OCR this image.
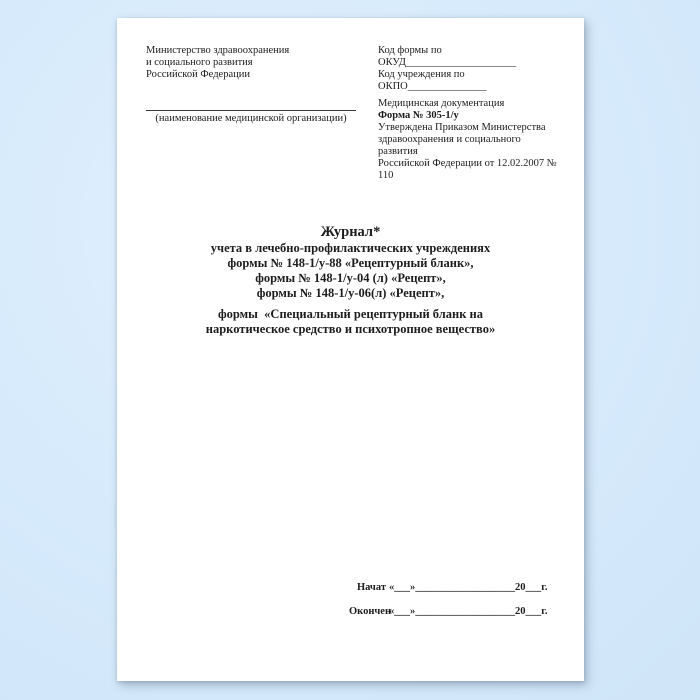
Министерство здравоохранения
и социального развития
Российской Федерации
(наименование медицинской организации)
Код формы по ОКУД_____________________
Код учреждения по ОКПО_______________
Медицинская документация
Форма № 305-1/у
Утверждена Приказом Министерства
здравоохранения и социального развития
Российской Федерации от 12.02.2007 № 110
Журнал*
учета в лечебно-профилактических учреждениях
формы № 148-1/у-88 «Рецептурный бланк»,
формы № 148-1/у-04 (л) «Рецепт»,
формы № 148-1/у-06(л) «Рецепт»,
формы  «Специальный рецептурный бланк на
наркотическое средство и психотропное вещество»
Начат «___»___________________20___г.
Окончен«___»___________________20___г.
